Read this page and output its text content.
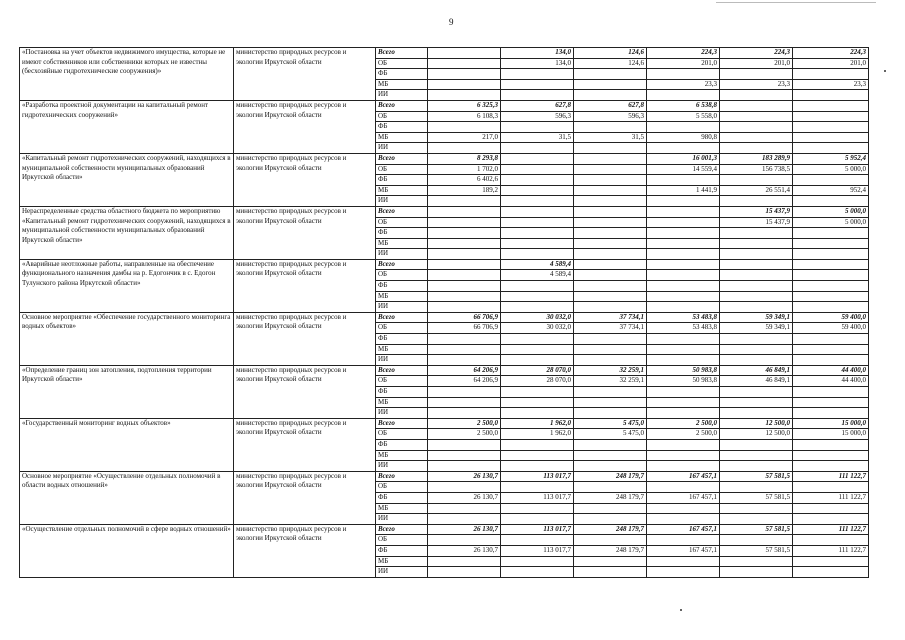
9
«Постановка на учет объектов недвижимого имущества, которые не имеют собственников или собственники которых не известны (бесхозяйные гидротехнические сооружения)»	министерство природных ресурсов и экологии Иркутской области	Всего		134,0	124,6	224,3	224,3	224,3
		ОБ		134,0	124,6	201,0	201,0	201,0
		ФБ						
		МБ				23,3	23,3	23,3
		ИИ						
«Разработка проектной документации на капитальный ремонт гидротехнических сооружений»	министерство природных ресурсов и экологии Иркутской области	Всего	6 325,3	627,8	627,8	6 538,8		
		ОБ	6 108,3	596,3	596,3	5 558,0		
		ФБ						
		МБ	217,0	31,5	31,5	980,8		
		ИИ						
«Капитальный ремонт гидротехнических сооружений, находящихся в муниципальной собственности муниципальных образований Иркутской области»	министерство природных ресурсов и экологии Иркутской области	Всего	8 293,8			16 001,3	183 289,9	5 952,4
		ОБ	1 702,0			14 559,4	156 738,5	5 000,0
		ФБ	6 402,6					
		МБ	189,2			1 441,9	26 551,4	952,4
		ИИ						
Нераспределенные средства областного бюджета по мероприятию «Капитальный ремонт гидротехнических сооружений, находящихся в муниципальной собственности муниципальных образований Иркутской области»	министерство природных ресурсов и экологии Иркутской области	Всего					15 437,9	5 000,0
		ОБ					15 437,9	5 000,0
		ФБ						
		МБ						
		ИИ						
«Аварийные неотложные работы, направленные на обеспечение функционального назначения дамбы на р. Едогончик в с. Едогон Тулунского района Иркутской области»	министерство природных ресурсов и экологии Иркутской области	Всего		4 589,4				
		ОБ		4 589,4				
		ФБ						
		МБ						
		ИИ						
Основное мероприятие «Обеспечение государственного мониторинга водных объектов»	министерство природных ресурсов и экологии Иркутской области	Всего	66 706,9	30 032,0	37 734,1	53 483,8	59 349,1	59 400,0
		ОБ	66 706,9	30 032,0	37 734,1	53 483,8	59 349,1	59 400,0
		ФБ						
		МБ						
		ИИ						
«Определение границ зон затопления, подтопления территории Иркутской области»	министерство природных ресурсов и экологии Иркутской области	Всего	64 206,9	28 070,0	32 259,1	50 983,8	46 849,1	44 400,0
		ОБ	64 206,9	28 070,0	32 259,1	50 983,8	46 849,1	44 400,0
		ФБ						
		МБ						
		ИИ						
«Государственный мониторинг водных объектов»	министерство природных ресурсов и экологии Иркутской области	Всего	2 500,0	1 962,0	5 475,0	2 500,0	12 500,0	15 000,0
		ОБ	2 500,0	1 962,0	5 475,0	2 500,0	12 500,0	15 000,0
		ФБ						
		МБ						
		ИИ						
Основное мероприятие «Осуществление отдельных полномочий в области водных отношений»	министерство природных ресурсов и экологии Иркутской области	Всего	26 130,7	113 017,7	248 179,7	167 457,1	57 581,5	111 122,7
		ОБ						
		ФБ	26 130,7	113 017,7	248 179,7	167 457,1	57 581,5	111 122,7
		МБ						
		ИИ						
«Осуществление отдельных полномочий в сфере водных отношений»	министерство природных ресурсов и экологии Иркутской области	Всего	26 130,7	113 017,7	248 179,7	167 457,1	57 581,5	111 122,7
		ОБ						
		ФБ	26 130,7	113 017,7	248 179,7	167 457,1	57 581,5	111 122,7
		МБ						
		ИИ						
